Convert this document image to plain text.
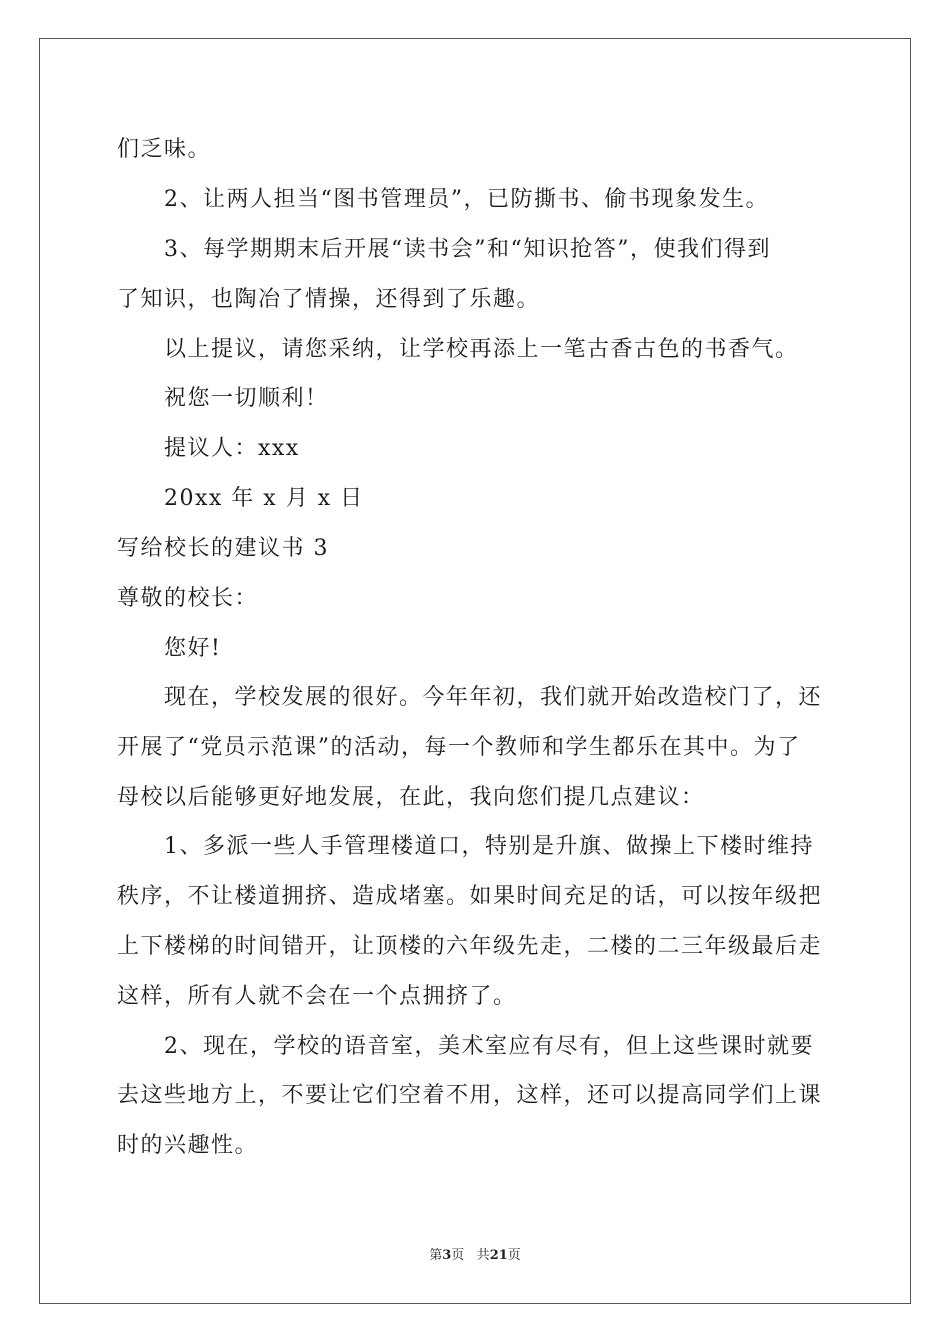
们乏味。
2、让两人担当“图书管理员”，已防撕书、偷书现象发生。
3、每学期期末后开展“读书会”和“知识抢答”，使我们得到
了知识，也陶冶了情操，还得到了乐趣。
以上提议，请您采纳，让学校再添上一笔古香古色的书香气。
祝您一切顺利！
提议人：xxx
20xx 年 x 月 x 日
写给校长的建议书 3
尊敬的校长：
您好!
现在，学校发展的很好。今年年初，我们就开始改造校门了，还
开展了“党员示范课”的活动，每一个教师和学生都乐在其中。为了
母校以后能够更好地发展，在此，我向您们提几点建议：
1、多派一些人手管理楼道口，特别是升旗、做操上下楼时维持
秩序，不让楼道拥挤、造成堵塞。如果时间充足的话，可以按年级把
上下楼梯的时间错开，让顶楼的六年级先走，二楼的二三年级最后走
这样，所有人就不会在一个点拥挤了。
2、现在，学校的语音室，美术室应有尽有，但上这些课时就要
去这些地方上，不要让它们空着不用，这样，还可以提高同学们上课
时的兴趣性。
第3页 共21页
